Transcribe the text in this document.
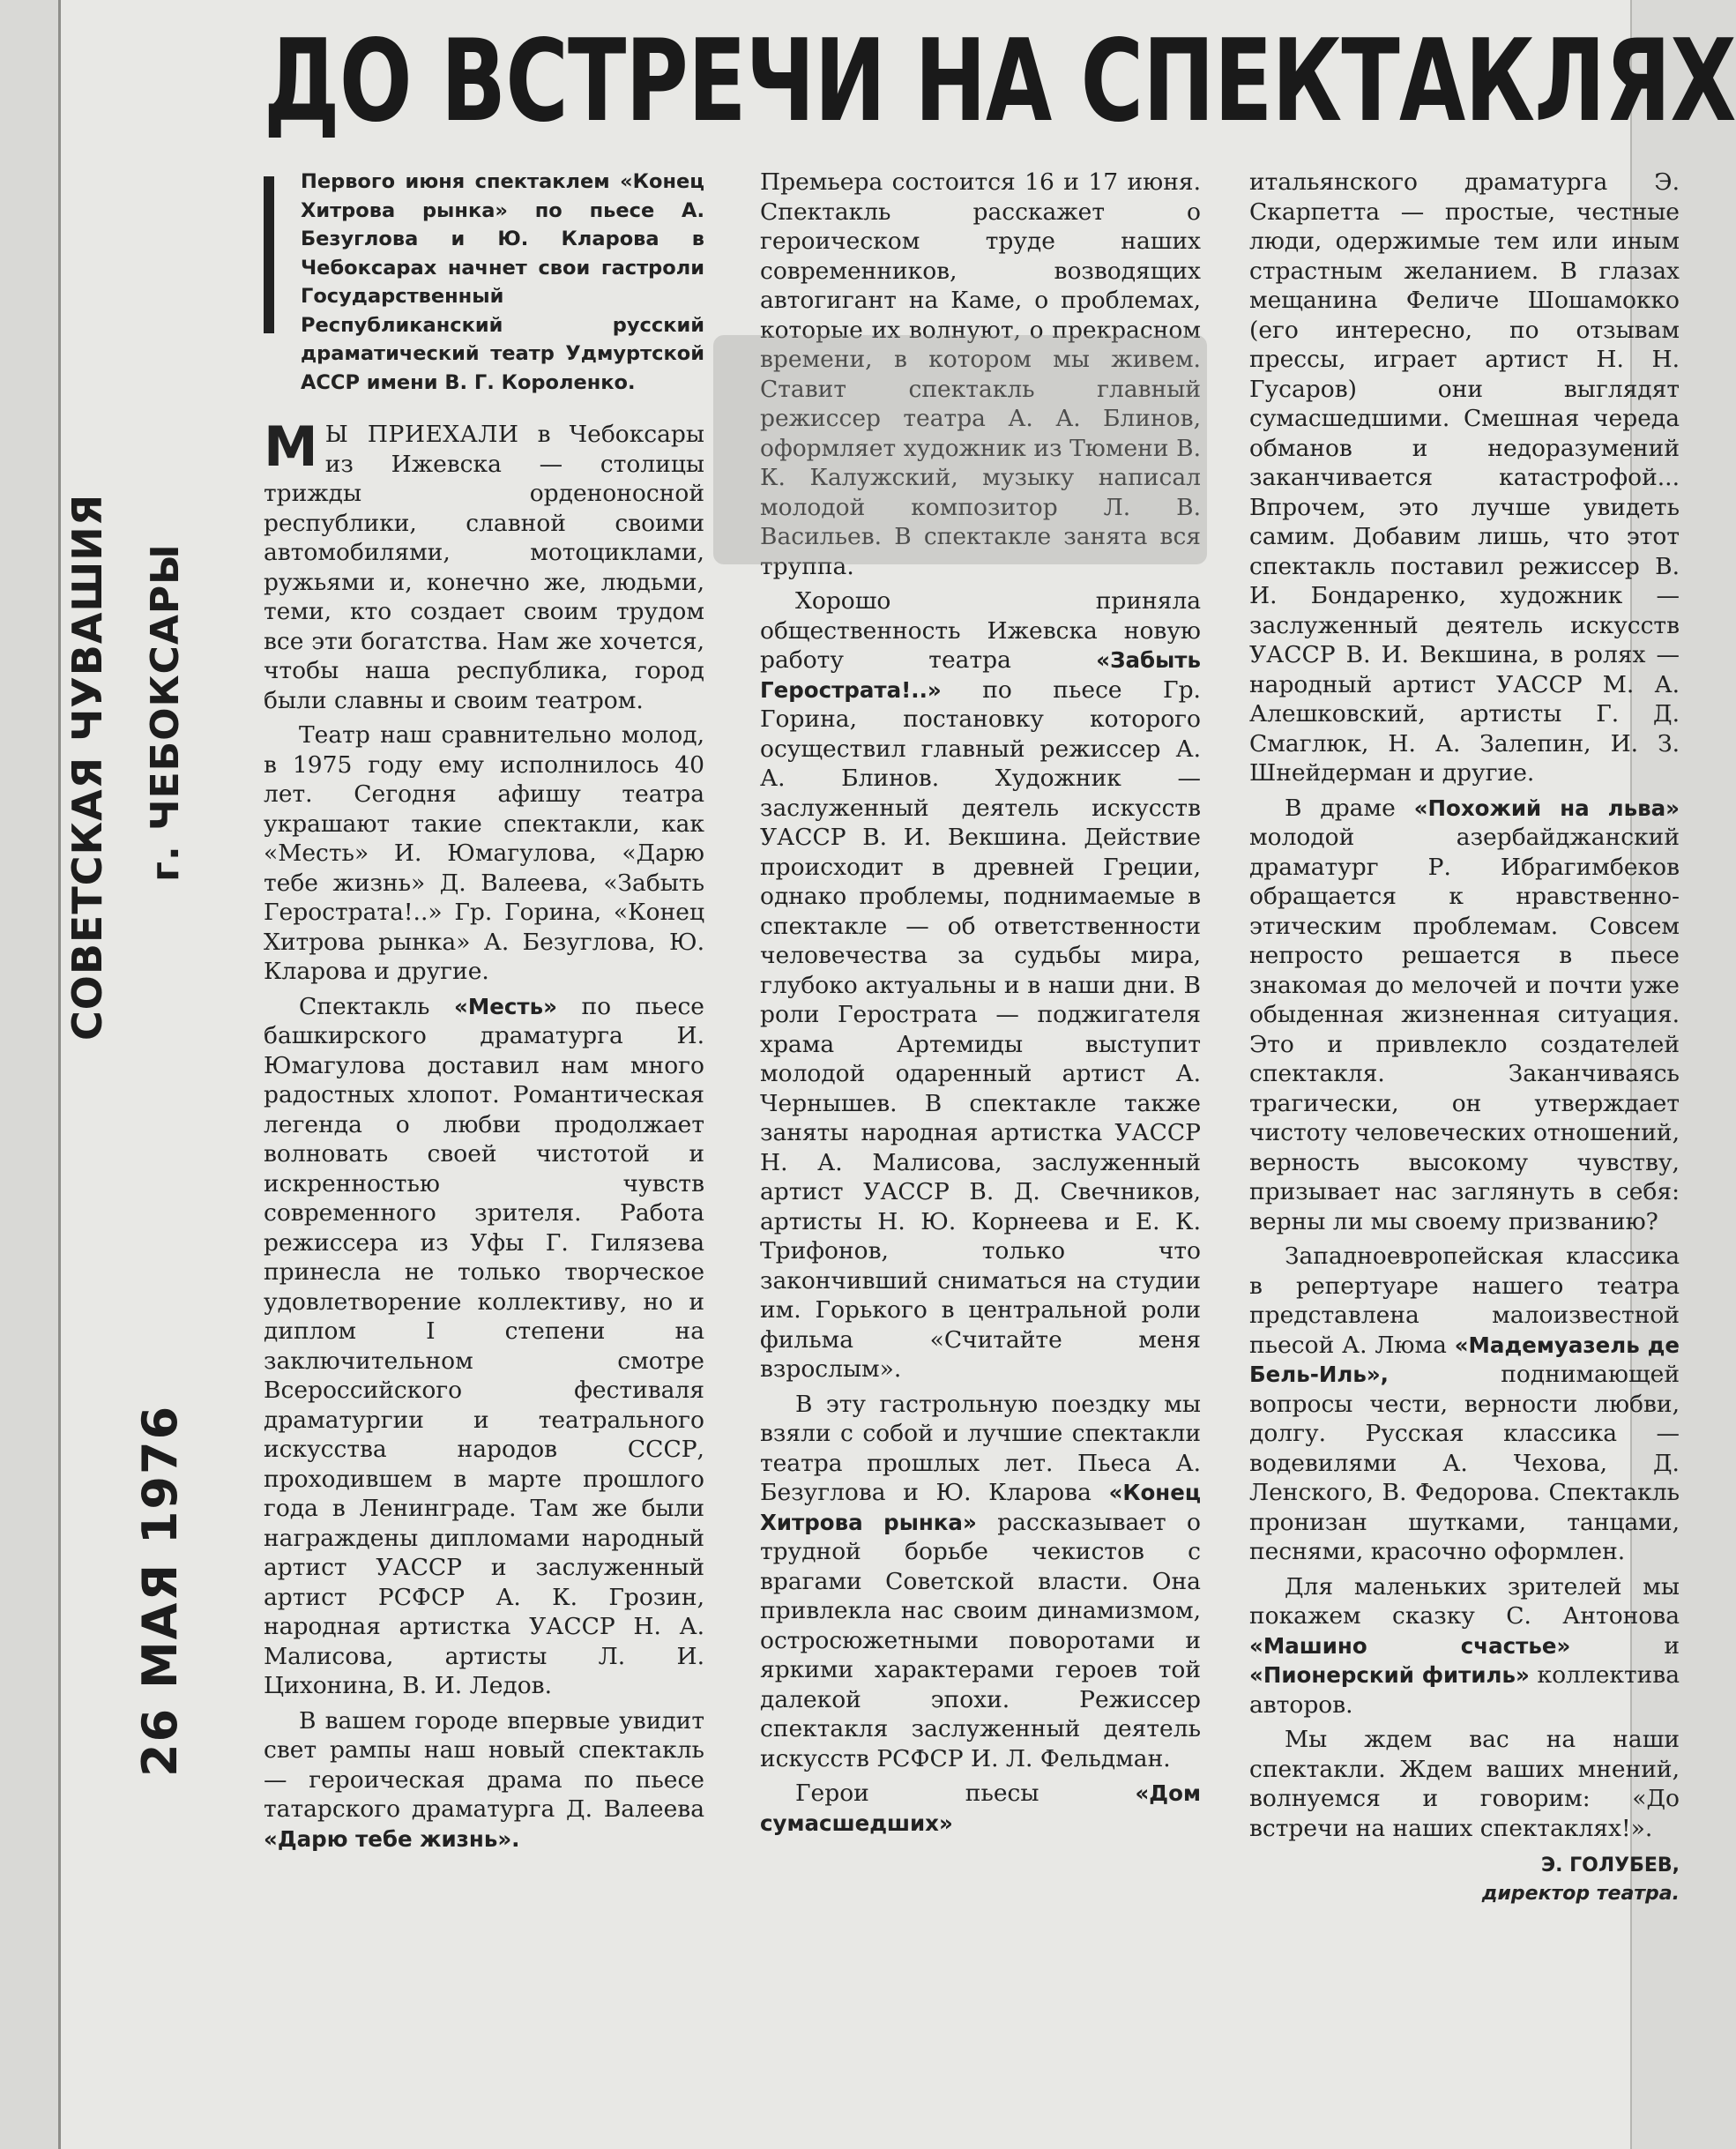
ДО ВСТРЕЧИ НА СПЕКТАКЛЯХ
Первого июня спектаклем «Конец Хитрова рынка» по пьесе А. Безуглова и Ю. Кларова в Чебоксарах начнет свои гастроли Государственный Республиканский русский драматический театр Удмуртской АССР имени В. Г. Короленко.

М Ы ПРИЕХАЛИ в Чебоксары из Ижевска — столицы трижды орденоносной республики, славной своими автомобилями, мотоциклами, ружьями и, конечно же, людьми, теми, кто создает своим трудом все эти богатства. Нам же хочется, чтобы наша республика, город были славны и своим театром.

Театр наш сравнительно молод, в 1975 году ему исполнилось 40 лет. Сегодня афишу театра украшают такие спектакли, как «Месть» И. Юмагулова, «Дарю тебе жизнь» Д. Валеева, «Забыть Герострата!..» Гр. Горина, «Конец Хитрова рынка» А. Безуглова, Ю. Кларова и другие.

Спектакль «Месть» по пьесе башкирского драматурга И. Юмагулова доставил нам много радостных хлопот. Романтическая легенда о любви продолжает волновать своей чистотой и искренностью чувств современного зрителя. Работа режиссера из Уфы Г. Гилязева принесла не только творческое удовлетворение коллективу, но и диплом I степени на заключительном смотре Всероссийского фестиваля драматургии и театрального искусства народов СССР, проходившем в марте прошлого года в Ленинграде. Там же были награждены дипломами народный артист УАССР и заслуженный артист РСФСР А. К. Грозин, народная артистка УАССР Н. А. Малисова, артисты Л. И. Цихонина, В. И. Ледов.

В вашем городе впервые увидит свет рампы наш новый спектакль — героическая драма по пьесе татарского драматурга Д. Валеева «Дарю тебе жизнь».

Премьера состоится 16 и 17 июня. Спектакль расскажет о героическом труде наших современников, возводящих автогигант на Каме, о проблемах, которые их волнуют, о прекрасном времени, в котором мы живем. Ставит спектакль главный режиссер театра А. А. Блинов, оформляет художник из Тюмени В. К. Калужский, музыку написал молодой композитор Л. В. Васильев. В спектакле занята вся труппа.

Хорошо приняла общественность Ижевска новую работу театра	«Забыть Герострата!..» по пьесе Гр. Горина, постановку которого осуществил главный режиссер А. А. Блинов. Художник — заслуженный деятель искусств УАССР В. И. Векшина. Действие происходит в древней Греции, однако проблемы, поднимаемые в спектакле — об ответственности человечества за судьбы мира, глубоко актуальны и в наши дни. В роли Герострата — поджигателя храма Артемиды выступит молодой одаренный артист А. Чернышев. В спектакле также заняты народная артистка УАССР Н. А. Малисова, заслуженный артист УАССР В. Д. Свечников, артисты Н. Ю. Корнеева и Е. К. Трифонов, только что закончивший сниматься на студии им. Горького в центральной роли фильма «Считайте меня взрослым».

В эту гастрольную поездку мы взяли с собой и лучшие спектакли театра прошлых лет. Пьеса А. Безуглова и Ю. Кларова «Конец Хитрова рынка» рассказывает о трудной борьбе чекистов с врагами Советской власти. Она привлекла нас своим динамизмом, остросюжетными поворотами и яркими характерами героев той далекой эпохи. Режиссер спектакля заслуженный деятель искусств РСФСР И. Л. Фельдман.

Герои пьесы	«Дом сумасшедших»

итальянского драматурга Э. Скарпетта — простые, честные люди, одержимые тем или иным страстным желанием. В глазах мещанина Феличе Шошамокко (его интересно, по отзывам прессы, играет артист Н. Н. Гусаров) они выглядят сумасшедшими. Смешная череда обманов и недоразумений заканчивается катастрофой... Впрочем, это лучше увидеть самим. Добавим лишь, что этот спектакль поставил режиссер В. И. Бондаренко, художник — заслуженный деятель искусств УАССР В. И. Векшина, в ролях — народный артист УАССР М. А. Алешковский, артисты Г. Д. Смаглюк, Н. А. Залепин, И. З. Шнейдерман и другие.

В драме «Похожий на льва» молодой азербайджанский драматург Р. Ибрагимбеков обращается к нравственно-этическим проблемам. Совсем непросто решается в пьесе знакомая до мелочей и почти уже обыденная жизненная ситуация. Это и привлекло создателей спектакля. Заканчиваясь трагически, он утверждает чистоту человеческих отношений, верность высокому чувству, призывает нас заглянуть в себя: верны ли мы своему призванию?

Западноевропейская классика в репертуаре нашего театра представлена малоизвестной пьесой А. Люма «Мадемуазель де Бель-Иль»,	поднимающей вопросы чести, верности любви, долгу. Русская классика — водевилями А. Чехова, Д. Ленского, В. Федорова. Спектакль пронизан шутками, танцами, песнями, красочно оформлен.

Для маленьких зрителей мы покажем сказку С. Антонова «Машино счастье»	и «Пионерский фитиль» коллектива авторов.

Мы ждем вас на наши спектакли. Ждем ваших мнений, волнуемся и говорим: «До встречи на наших спектаклях!».

Э. ГОЛУБЕВ,
директор театра.
СОВЕТСКАЯ ЧУВАШИЯ г. ЧЕБОКСАРЫ
26 МАЯ 1976
